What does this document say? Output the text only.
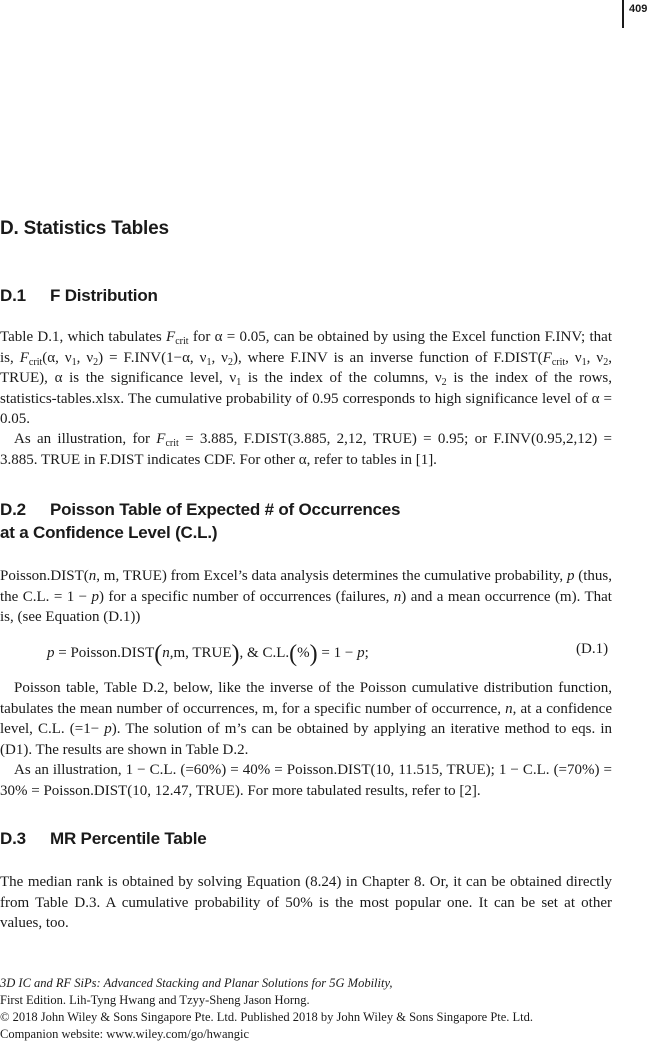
409
D. Statistics Tables
D.1 F Distribution

Table D.1, which tabulates $F_{crit}$ for α = 0.05, can be obtained by using the Excel function F.INV; that is, $F_{crit}(\alpha$, $\nu_1$, $\nu_2) = F.INV(1-\alpha$, $\nu_1$, $\nu_2$), where F.INV is an inverse function of $F.DIST(F_{crit}$, $\nu_1$, $\nu_2$, TRUE), α is the significance level, $\nu_1$ is the index of the columns, $\nu_2$ is the index of the rows, statistics-tables.xlsx. The cumulative probability of 0.95 corresponds to high significance level of α = 0.05.

As an illustration, for $F_{crit} = 3.885$, F.DIST(3.885, 2,12, TRUE) = 0.95; or F.INV(0.95,2,12) = 3.885. TRUE in F.DIST indicates CDF. For other α, refer to tables in [1].

D.2 Poisson Table of Expected # of Occurrences
at a Confidence Level (C.L.)

Poisson.DIST(n, m, TRUE) from Excel’s data analysis determines the cumulative probability, p (thus, the C.L. = 1 − p) for a specific number of occurrences (failures, n) and a mean occurrence (m). That is, (see Equation (D.1))

p = Poisson.DIST(n,m, TRUE), & C.L.(%) = 1 − p;	(D.1)

Poisson table, Table D.2, below, like the inverse of the Poisson cumulative distribution function, tabulates the mean number of occurrences, m, for a specific number of occurrence, n, at a confidence level, C.L. (=1− p). The solution of m’s can be obtained by applying an iterative method to eqs. in (D1). The results are shown in Table D.2.

As an illustration, 1 − C.L. (=60%) = 40% = Poisson.DIST(10, 11.515, TRUE); 1 − C.L. (=70%) = 30% = Poisson.DIST(10, 12.47, TRUE). For more tabulated results, refer to [2].

D.3 MR Percentile Table

The median rank is obtained by solving Equation (8.24) in Chapter 8. Or, it can be obtained directly from Table D.3. A cumulative probability of 50% is the most popular one. It can be set at other values, too.

3D IC and RF SiPs: Advanced Stacking and Planar Solutions for 5G Mobility,
First Edition. Lih-Tyng Hwang and Tzyy-Sheng Jason Horng.
© 2018 John Wiley & Sons Singapore Pte. Ltd. Published 2018 by John Wiley & Sons Singapore Pte. Ltd.
Companion website: www.wiley.com/go/hwangic
